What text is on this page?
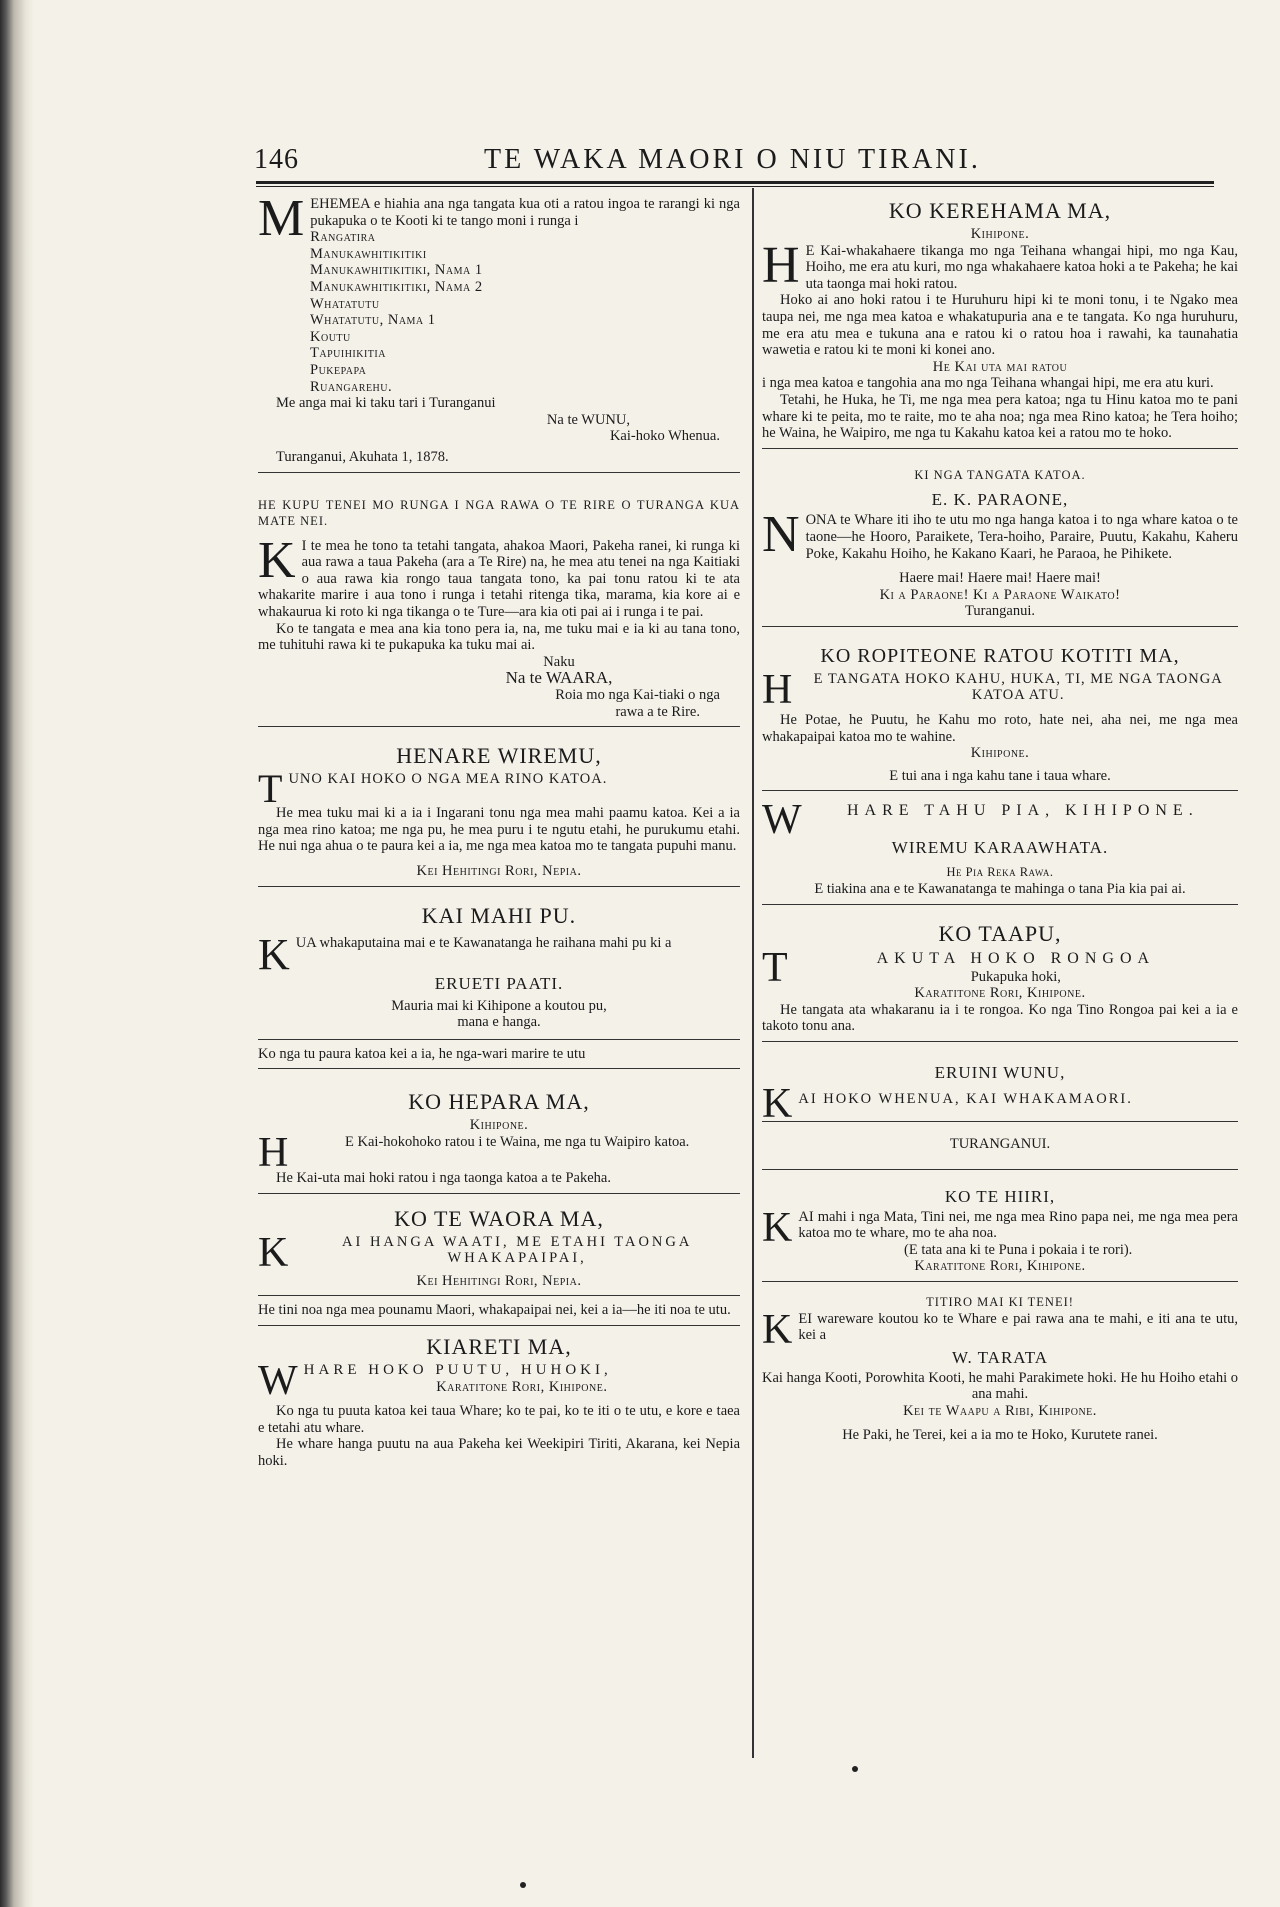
146	TE WAKA MAORI O NIU TIRANI.
M EHEMEA e hiahia ana nga tangata kua oti a ratou ingoa te rarangi ki nga pukapuka o te Kooti ki te tango moni i runga i

Rangatira
Manukawhitikitiki
Manukawhitikitiki, Nama 1
Manukawhitikitiki, Nama 2
Whatatutu
Whatatutu, Nama 1
Koutu
Tapuihikitia
Pukepapa
Ruangarehu.

Me anga mai ki taku tari i Turanganui

Na te WUNU,

Kai-hoko Whenua.

Turanganui, Akuhata 1, 1878.

HE KUPU TENEI MO RUNGA I NGA RAWA O TE RIRE O TURANGA KUA MATE NEI.

K I te mea he tono ta tetahi tangata, ahakoa Maori, Pakeha ranei, ki runga ki aua rawa a taua Pakeha (ara a Te Rire) na, he mea atu tenei na nga Kaitiaki o aua rawa kia rongo taua tangata tono, ka pai tonu ratou ki te ata whakarite marire i aua tono i runga i tetahi ritenga tika, marama, kia kore ai e whakaurua ki roto ki nga tikanga o te Ture—ara kia oti pai ai i runga i te pai.

Ko te tangata e mea ana kia tono pera ia, na, me tuku mai e ia ki au tana tono, me tuhituhi rawa ki te pukapuka ka tuku mai ai.

Naku

Na te WAARA,

Roia mo nga Kai-tiaki o nga

rawa a te Rire.

HENARE WIREMU,
T UNO KAI HOKO O NGA MEA RINO KATOA.

He mea tuku mai ki a ia i Ingarani tonu nga mea mahi paamu katoa. Kei a ia nga mea rino katoa; me nga pu, he mea puru i te ngutu etahi, he purukumu etahi. He nui nga ahua o te paura kei a ia, me nga mea katoa mo te tangata pupuhi manu.

Kei Hehitingi Rori, Nepia.

KAI MAHI PU.
K UA whakaputaina mai e te Kawanatanga he raihana mahi pu ki a

ERUETI PAATI.

Mauria mai ki Kihipone a koutou pu,

mana e hanga.

Ko nga tu paura katoa kei a ia, he nga-wari marire te utu

KO HEPARA MA,

Kihipone.

H	E Kai-hokohoko ratou i te Waina, me nga tu Waipiro katoa.

He Kai-uta mai hoki ratou i nga taonga katoa a te Pakeha.

KO TE WAORA MA,
K	AI HANGA WAATI, ME ETAHI TAONGA WHAKAPAIPAI,

Kei Hehitingi Rori, Nepia.

He tini noa nga mea pounamu Maori, whakapaipai nei, kei a ia—he iti noa te utu.

KIARETI MA,
W HARE HOKO PUUTU, HUHOKI,

Karatitone Rori, Kihipone.

Ko nga tu puuta katoa kei taua Whare; ko te pai, ko te iti o te utu, e kore e taea e tetahi atu whare.

He whare hanga puutu na aua Pakeha kei Weekipiri Tiriti, Akarana, kei Nepia hoki.

KO KEREHAMA MA,

Kihipone.

H E Kai-whakahaere tikanga mo nga Teihana whangai hipi, mo nga Kau, Hoiho, me era atu kuri, mo nga whakahaere katoa hoki a te Pakeha; he kai uta taonga mai hoki ratou.

Hoko ai ano hoki ratou i te Huruhuru hipi ki te moni tonu, i te Ngako mea taupa nei, me nga mea katoa e whakatupuria ana e te tangata. Ko nga huruhuru, me era atu mea e tukuna ana e ratou ki o ratou hoa i rawahi, ka taunahatia wawetia e ratou ki te moni ki konei ano.

He Kai uta mai ratou

i nga mea katoa e tangohia ana mo nga Teihana whangai hipi, me era atu kuri.

Tetahi, he Huka, he Ti, me nga mea pera katoa; nga tu Hinu katoa mo te pani whare ki te peita, mo te raite, mo te aha noa; nga mea Rino katoa; he Tera hoiho; he Waina, he Waipiro, me nga tu Kakahu katoa kei a ratou mo te hoko.

KI NGA TANGATA KATOA.

E. K. PARAONE,
N ONA te Whare iti iho te utu mo nga hanga katoa i to nga whare katoa o te taone—he Hooro, Paraikete, Tera-hoiho, Paraire, Puutu, Kakahu, Kaheru Poke, Kakahu Hoiho, he Kakano Kaari, he Paraoa, he Pihikete.

Haere mai! Haere mai! Haere mai!

Ki a Paraone! Ki a Paraone Waikato!

Turanganui.

KO ROPITEONE RATOU KOTITI MA,
H	E TANGATA HOKO KAHU, HUKA, TI, ME NGA TAONGA KATOA ATU.

He Potae, he Puutu, he Kahu mo roto, hate nei, aha nei, me nga mea whakapaipai katoa mo te wahine.

Kihipone.

E tui ana i nga kahu tane i taua whare.

W	HARE TAHU PIA, KIHIPONE.

WIREMU KARAAWHATA.

He Pia Reka Rawa.

E tiakina ana e te Kawanatanga te mahinga o tana Pia kia pai ai.

KO TAAPU,
T	AKUTA HOKO RONGOA

Pukapuka hoki,

Karatitone Rori, Kihipone.

He tangata ata whakaranu ia i te rongoa. Ko nga Tino Rongoa pai kei a ia e takoto tonu ana.

ERUINI WUNU,
K AI HOKO WHENUA, KAI WHAKAMAORI.

TURANGANUI.

KO TE HIIRI,
K AI mahi i nga Mata, Tini nei, me nga mea Rino papa nei, me nga mea pera katoa mo te whare, mo te aha noa.

(E tata ana ki te Puna i pokaia i te rori).

Karatitone Rori, Kihipone.

TITIRO MAI KI TENEI!

K EI wareware koutou ko te Whare e pai rawa ana te mahi, e iti ana te utu, kei a

W. TARATA

Kai hanga Kooti, Porowhita Kooti, he mahi Parakimete hoki. He hu Hoiho etahi o ana mahi.

Kei te Waapu a Ribi, Kihipone.

He Paki, he Terei, kei a ia mo te Hoko, Kurutete ranei.
